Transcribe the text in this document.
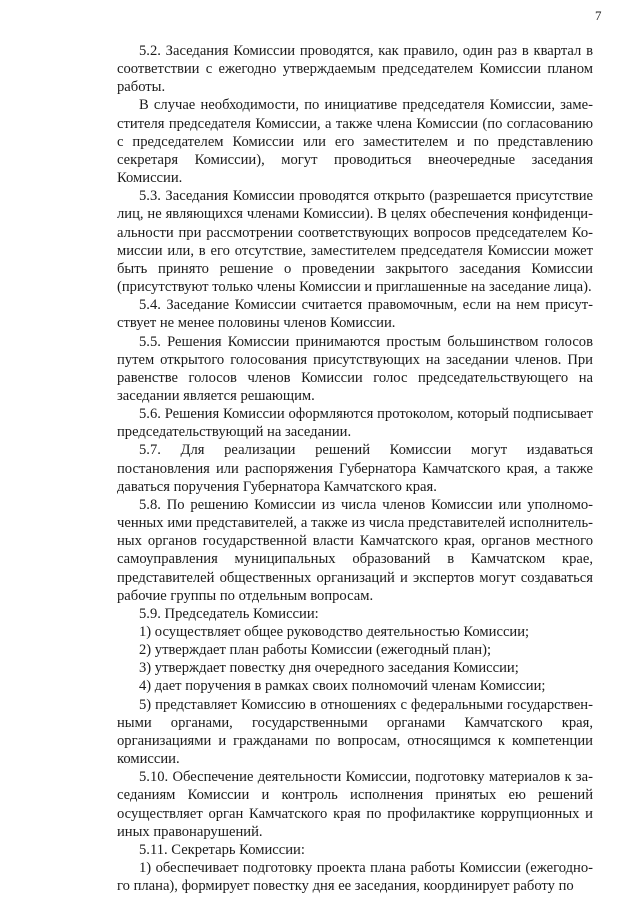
7

5.2. Заседания Комиссии проводятся, как правило, один раз в квартал в соответствии с ежегодно утверждаемым председателем Комиссии планом работы.

В случае необходимости, по инициативе председателя Комиссии, заместителя председателя Комиссии, а также члена Комиссии (по согласованию с председателем Комиссии или его заместителем и по представлению секретаря Комиссии), могут проводиться внеочередные заседания Комиссии.

5.3. Заседания Комиссии проводятся открыто (разрешается присутствие лиц, не являющихся членами Комиссии). В целях обеспечения конфиденциальности при рассмотрении соответствующих вопросов председателем Комиссии или, в его отсутствие, заместителем председателя Комиссии может быть принято решение о проведении закрытого заседания Комиссии (присутствуют только члены Комиссии и приглашенные на заседание лица).

5.4. Заседание Комиссии считается правомочным, если на нем присутствует не менее половины членов Комиссии.

5.5. Решения Комиссии принимаются простым большинством голосов путем открытого голосования присутствующих на заседании членов. При равенстве голосов членов Комиссии голос председательствующего на заседании является решающим.

5.6. Решения Комиссии оформляются протоколом, который подписывает председательствующий на заседании.

5.7. Для реализации решений Комиссии могут издаваться постановления или распоряжения Губернатора Камчатского края, а также даваться поручения Губернатора Камчатского края.

5.8. По решению Комиссии из числа членов Комиссии или уполномоченных ими представителей, а также из числа представителей исполнительных органов государственной власти Камчатского края, органов местного самоуправления муниципальных образований в Камчатском крае, представителей общественных организаций и экспертов могут создаваться рабочие группы по отдельным вопросам.

5.9. Председатель Комиссии:

1) осуществляет общее руководство деятельностью Комиссии;

2) утверждает план работы Комиссии (ежегодный план);

3) утверждает повестку дня очередного заседания Комиссии;

4) дает поручения в рамках своих полномочий членам Комиссии;

5) представляет Комиссию в отношениях с федеральными государственными органами, государственными органами Камчатского края, организациями и гражданами по вопросам, относящимся к компетенции комиссии.

5.10. Обеспечение деятельности Комиссии, подготовку материалов к заседаниям Комиссии и контроль исполнения принятых ею решений осуществляет орган Камчатского края по профилактике коррупционных и иных правонарушений.

5.11. Секретарь Комиссии:

1) обеспечивает подготовку проекта плана работы Комиссии (ежегодного плана), формирует повестку дня ее заседания, координирует работу по
